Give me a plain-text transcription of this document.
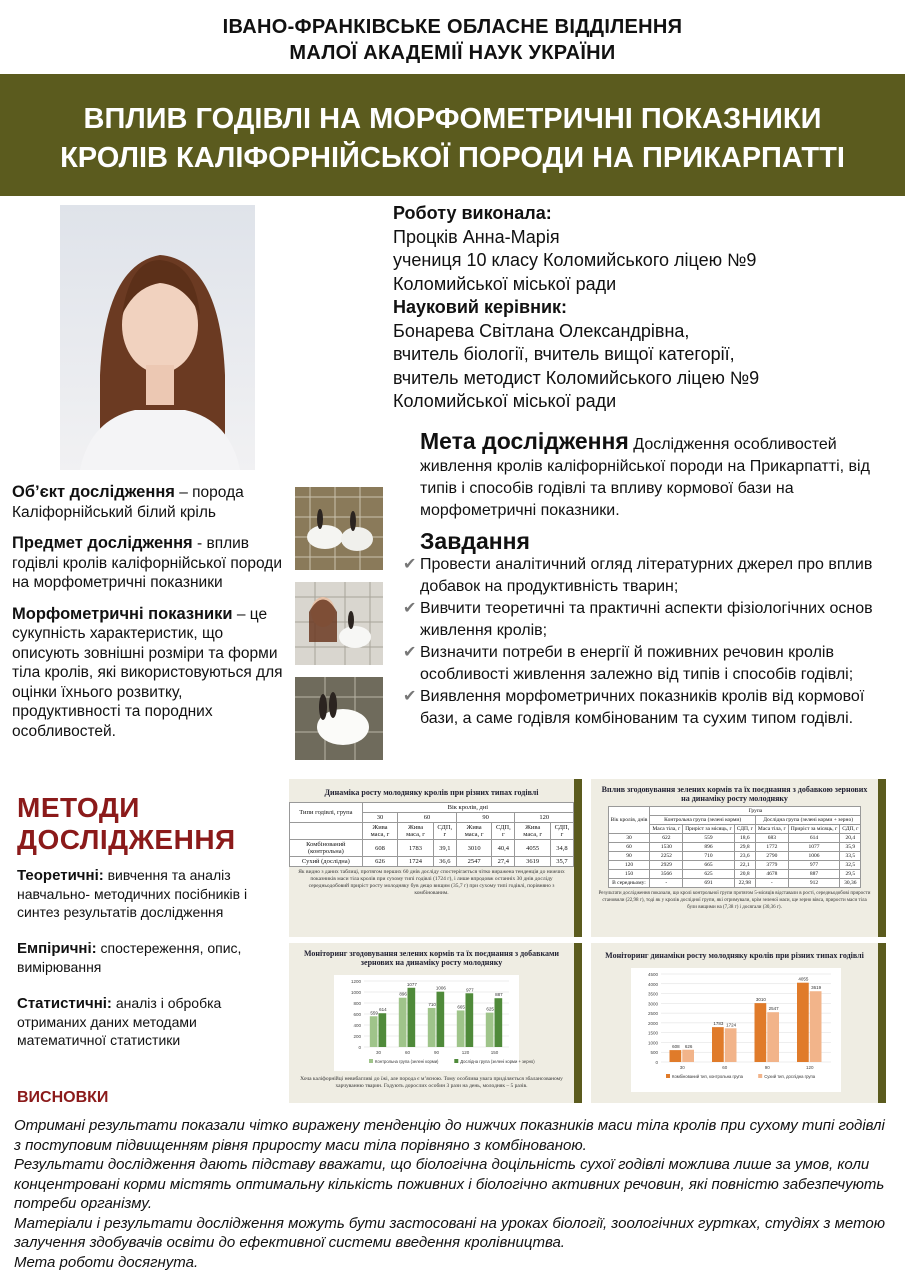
ІВАНО-ФРАНКІВСЬКЕ ОБЛАСНЕ ВІДДІЛЕННЯ
МАЛОЇ АКАДЕМІЇ НАУК УКРАЇНИ
ВПЛИВ ГОДІВЛІ НА МОРФОМЕТРИЧНІ ПОКАЗНИКИ
КРОЛІВ КАЛІФОРНІЙСЬКОЇ ПОРОДИ НА ПРИКАРПАТТІ
Роботу виконала:
Процків Анна-Марія
учениця 10 класу Коломийського ліцею №9
Коломийської міської ради
Науковий керівник:
Бонарева Світлана Олександрівна,
вчитель біології, вчитель вищої категорії,
вчитель методист Коломийського ліцею №9
Коломийської міської ради
Мета дослідження Дослідження особливостей живлення кролів каліфорнійської породи на Прикарпатті, від типів і способів годівлі та впливу кормової бази на морфометричні показники.
Завдання
✔ Провести аналітичний огляд літературних джерел про вплив добавок на продуктивність тварин;
✔ Вивчити теоретичні та практичні аспекти фізіологічних основ живлення кролів;
✔ Визначити потреби в енергії й поживних речовин кролів особливості живлення залежно від типів і способів годівлі;
✔ Виявлення морфометричних показників кролів від кормової бази, а саме годівля комбінованим та сухим типом годівлі.

Об’єкт дослідження – порода Каліфорнійський білий кріль

Предмет дослідження - вплив годівлі кролів каліфорнійської породи на морфометричні показники

Морфометричні показники – це сукупність характеристик, що описують зовнішні розміри та форми тіла кролів, які використовуються для оцінки їхнього розвитку, продуктивності та породних особливостей.

МЕТОДИ
ДОСЛІДЖЕННЯ

Теоретичні: вивчення та аналіз навчально- методичних посібників і синтез результатів дослідження

Емпіричні: спостереження, опис, вимірювання

Статистичні: аналіз і обробка отриманих даних методами математичної статистики

Динаміка росту молодняку кролів при різних типах годівлі
Типи годівлі, група	Вік кролів, днi						
	30	60		90		120	
	Жива маса, г	Жива маса, г	СДП, г	Жива маса, г	СДП, г	Жива маса, г	СДП, г
Комбінований (контрольна)	608	1783	39,1	3010	40,4	4055	34,8
Сухий (дослідна)	626	1724	36,6	2547	27,4	3619	35,7
Як видно з даних таблиці, протягом перших 60 днів досліду спостерігається чітко виражена тенденція до нижчих показників маси тіла кролів при сухому типі годівлі (1724 г), і лише впродовж останніх 30 днів досліду середньодобовий приріст росту молодняку був дещо вищим (35,7 г) при сухому типі годівлі, порівняно з комбінованим.
Вплив згодовування зелених кормів та їх поєднання з добавкою зернових на динаміку росту молодняку
Вік кролів, днів	Група					
	Контрольна група (зелені корми)			Дослідна група (зелені корми + зерно)		
	Маса тіла, г	Приріст за місяць, г	СДП, г	Маса тіла, г	Приріст за місяць, г	СДП, г
30	622	559	18,6	683	614	20,4
60	1530	896	29,8	1772	1077	35,9
90	2252	710	23,6	2790	1006	33,5
120	2929	665	22,1	3779	977	32,5
150	3566	625	20,8	4678	887	29,5
В середньому:	-	691	22,98	-	912	30,36
Результати дослідження показали, що кролі контрольної групи протягом 5-місяців відставали в рості, середньодобові прирости становили (22,98 г), тоді як у кролів дослідної групи, які отримували, крім зеленої маси, ще зерно вівса, прирости маси тіла були вищими на (7,38 г) і досягали (30,36 г).
Моніторинг згодовування зелених кормів та їх поєднання з добавками зернових на динаміку росту молодняку
0
200
400
600
800
1000
1200
559
614
30
896
1077
60
710
1006
90
665
977
120
625
887
150
Контрольна група (зелені корми)	Дослідна група (зелені корми + зерно)
Хоча каліфорнійці невибагливі до їжі, але порода є м’ясною. Тому особлива увага приділяється збалансованому харчуванню тварин. Годують дорослих особин 3 рази на день, молодняк – 5 разів.
Моніторинг динаміки росту молодняку кролів при різних типах годівлі
0
500
1000
1500
2000
2500
3000
3500
4000
4500
608 626
30
1783 1724
60
3010
2547
90
4055
3619
120
Комбінований тип, контрольна група	Сухий тип, дослідна група
ВИСНОВКИ
Отримані результати показали чітко виражену тенденцію до нижчих показників маси тіла кролів при сухому типі годівлі з поступовим підвищенням рівня приросту маси тіла порівняно з комбінованою.
Результати дослідження дають підставу вважати, що біологічна доцільність сухої годівлі можлива лише за умов, коли концентровані корми містять оптимальну кількість поживних і біологічно активних речовин, які повністю забезпечують потреби організму.
Матеріали і результати дослідження можуть бути застосовані на уроках біології, зоологічних гуртках, студіях з метою залучення здобувачів освіти до ефективної системи введення кролівництва.
Мета роботи досягнута.
